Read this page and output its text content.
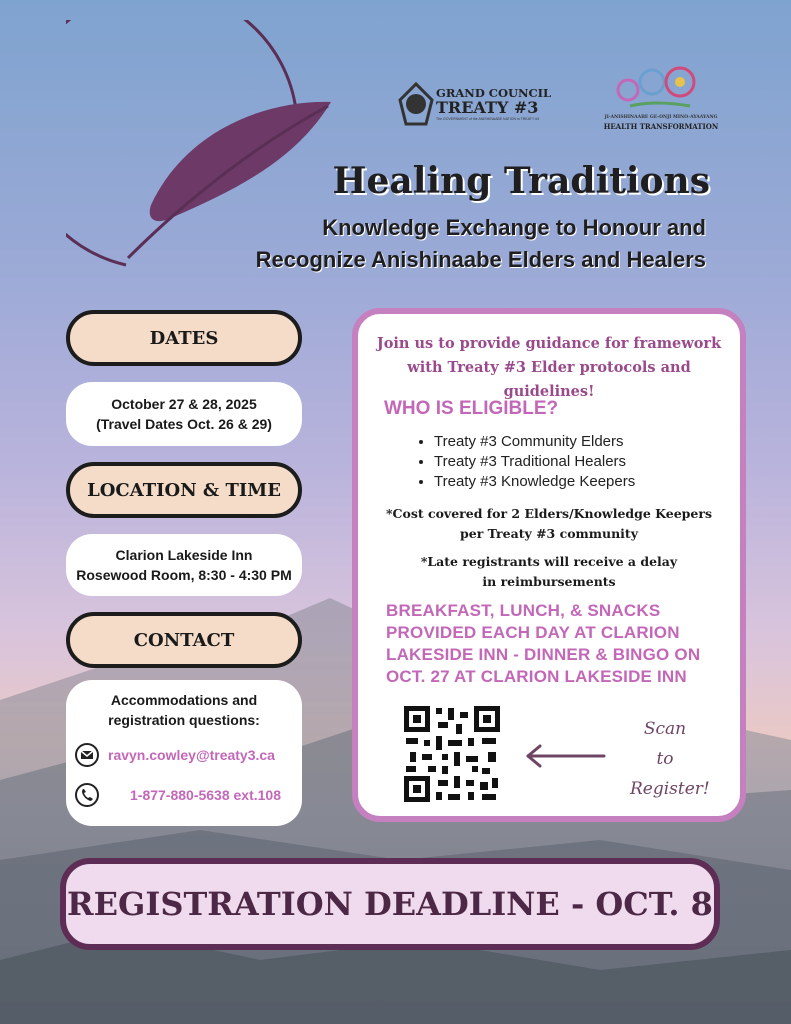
GRAND COUNCIL
TREATY #3
The GOVERNMENT of the ANISHINAABE NATION in TREATY #3	JI-ANISHINAABE GE-ONJI MINO-AYAAYANG
HEALTH TRANSFORMATION
Healing Traditions
Knowledge Exchange to Honour and
Recognize Anishinaabe Elders and Healers
DATES
October 27 & 28, 2025
(Travel Dates Oct. 26 & 29)
LOCATION & TIME
Clarion Lakeside Inn
Rosewood Room, 8:30 - 4:30 PM
CONTACT
Accommodations and
registration questions:
ravyn.cowley@treaty3.ca
1-877-880-5638 ext.108
Join us to provide guidance for framework
with Treaty #3 Elder protocols and guidelines!
WHO IS ELIGIBLE?
• Treaty #3 Community Elders
• Treaty #3 Traditional Healers
• Treaty #3 Knowledge Keepers
*Cost covered for 2 Elders/Knowledge Keepers
per Treaty #3 community
*Late registrants will receive a delay
in reimbursements
BREAKFAST, LUNCH, & SNACKS PROVIDED EACH DAY AT CLARION LAKESIDE INN - DINNER & BINGO ON OCT. 27 AT CLARION LAKESIDE INN
Scan
to
Register!
REGISTRATION DEADLINE - OCT. 8
